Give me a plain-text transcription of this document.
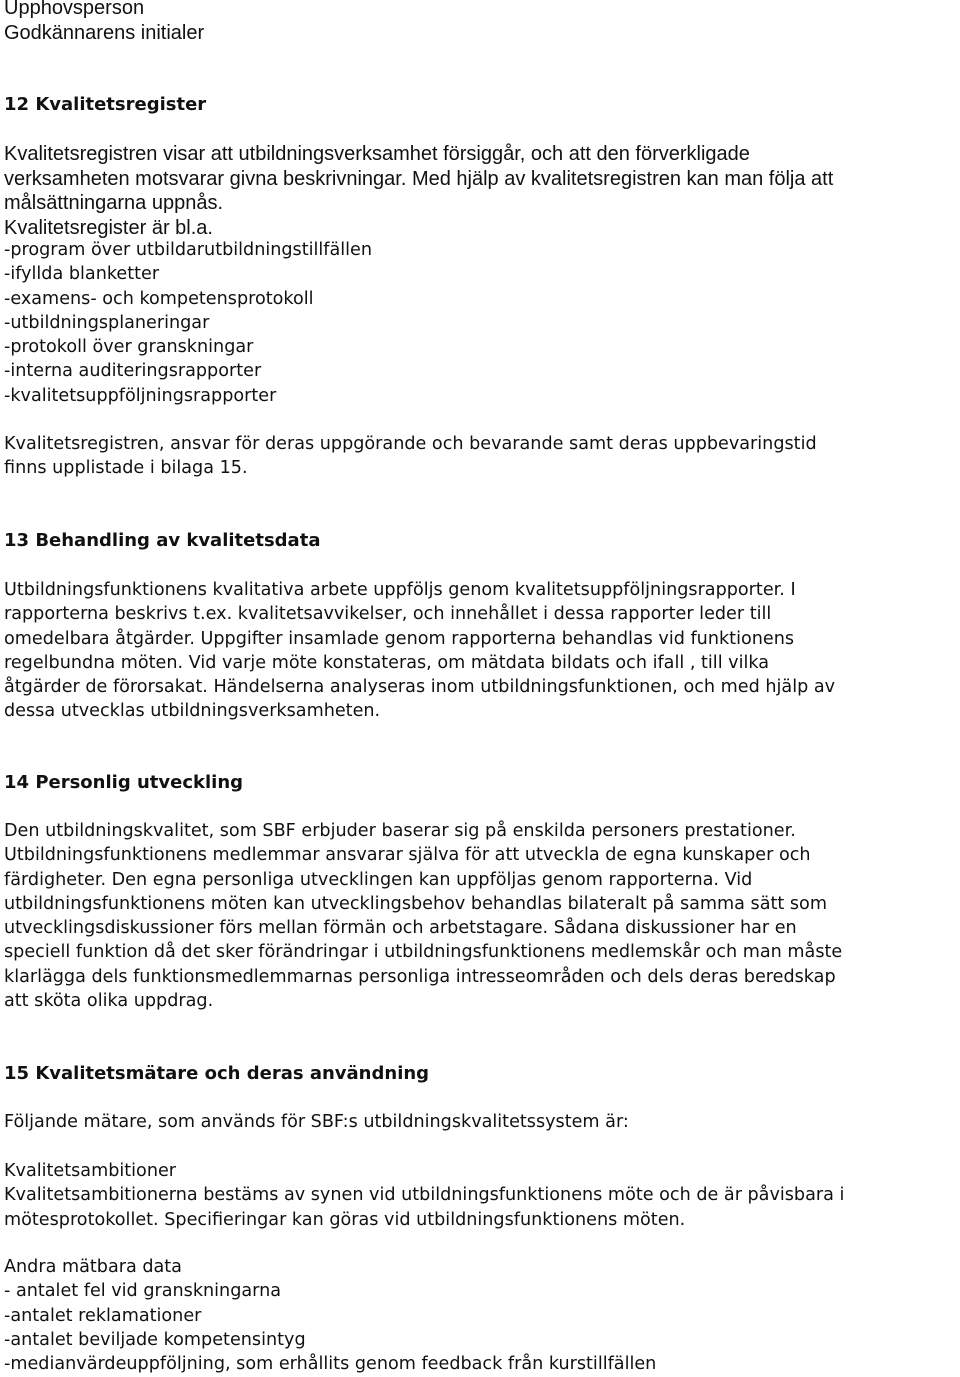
Upphovsperson
Godkännarens initialer
12 Kvalitetsregister
Kvalitetsregistren visar att utbildningsverksamhet försiggår, och att den förverkligade
verksamheten motsvarar givna beskrivningar. Med hjälp av kvalitetsregistren kan man följa att
målsättningarna uppnås.
Kvalitetsregister är bl.a.
-program över utbildarutbildningstillfällen
-ifyllda blanketter
-examens- och kompetensprotokoll
-utbildningsplaneringar
-protokoll över granskningar
-interna auditeringsrapporter
-kvalitetsuppföljningsrapporter
Kvalitetsregistren, ansvar för deras uppgörande och bevarande samt deras uppbevaringstid
finns upplistade i bilaga 15.
13 Behandling av kvalitetsdata
Utbildningsfunktionens kvalitativa arbete uppföljs genom kvalitetsuppföljningsrapporter. I
rapporterna beskrivs t.ex. kvalitetsavvikelser, och innehållet i dessa rapporter leder till
omedelbara åtgärder. Uppgifter insamlade genom rapporterna behandlas vid funktionens
regelbundna möten. Vid varje möte konstateras, om mätdata bildats och ifall , till vilka
åtgärder de förorsakat. Händelserna analyseras inom utbildningsfunktionen, och med hjälp av
dessa utvecklas utbildningsverksamheten.
14 Personlig utveckling
Den utbildningskvalitet, som SBF erbjuder baserar sig på enskilda personers prestationer.
Utbildningsfunktionens medlemmar ansvarar själva för att utveckla de egna kunskaper och
färdigheter. Den egna personliga utvecklingen kan uppföljas genom rapporterna. Vid
utbildningsfunktionens möten kan utvecklingsbehov behandlas bilateralt på samma sätt som
utvecklingsdiskussioner förs mellan förmän och arbetstagare. Sådana diskussioner har en
speciell funktion då det sker förändringar i utbildningsfunktionens medlemskår och man måste
klarlägga dels funktionsmedlemmarnas personliga intresseområden och dels deras beredskap
att sköta olika uppdrag.
15 Kvalitetsmätare och deras användning
Följande mätare, som används för SBF:s utbildningskvalitetssystem är:
Kvalitetsambitioner
Kvalitetsambitionerna bestäms av synen vid utbildningsfunktionens möte och de är påvisbara i
mötesprotokollet. Specifieringar kan göras vid utbildningsfunktionens möten.
Andra mätbara data
- antalet fel vid granskningarna
-antalet reklamationer
-antalet beviljade kompetensintyg
-medianvärdeuppföljning, som erhållits genom feedback från kurstillfällen
